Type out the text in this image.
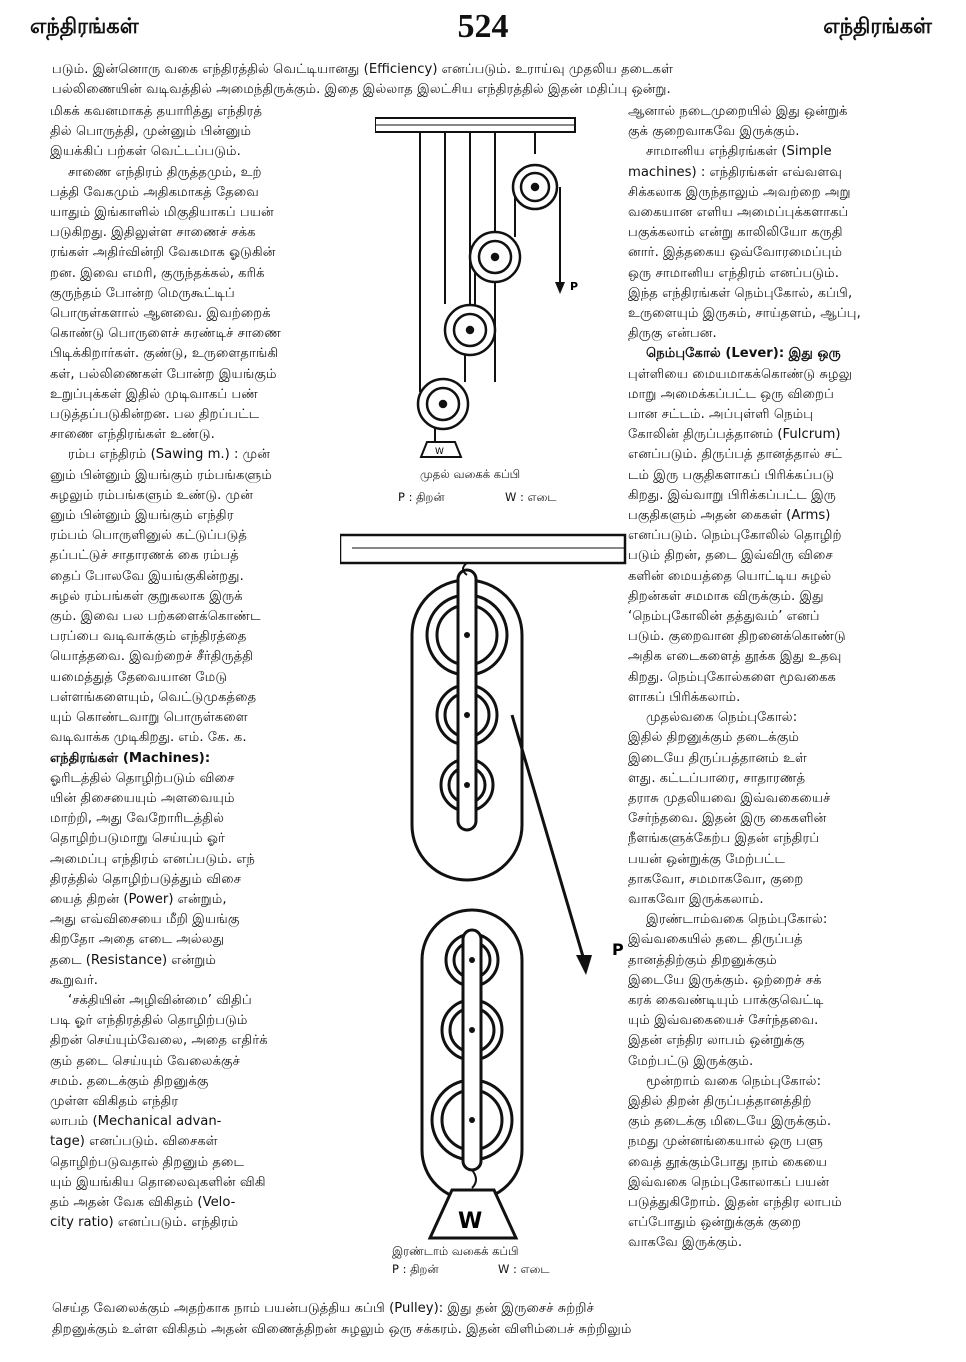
எந்திரங்கள்	524	எந்திரங்கள்
படும். இன்னொரு வகை எந்திரத்தில் வெட்டியானது (Efficiency) எனப்படும். உராய்வு முதலிய தடைகள்
பல்லிணையின் வடிவத்தில் அமைந்திருக்கும். இதை இல்லாத இலட்சிய எந்திரத்தில் இதன் மதிப்பு ஒன்று.

மிகக் கவனமாகத் தயாரித்து எந்திரத்

தில் பொருத்தி, முன்னும் பின்னும்

இயக்கிப் பற்கள் வெட்டப்படும்.

சாணை எந்திரம் திருத்தமும், உற்

பத்தி வேகமும் அதிகமாகத் தேவை

யாதும் இங்காளில் மிகுதியாகப் பயன்

படுகிறது. இதிலுள்ள சாணைச் சக்க

ரங்கள் அதிர்வின்றி வேகமாக ஓடுகின்

றன. இவை எமரி, குருந்தக்கல், கரிக்

குருந்தம் போன்ற மெருகூட்டிப்

பொருள்களால் ஆனவை. இவற்றைக்

கொண்டு பொருளைச் சுரண்டிச் சாணை

பிடிக்கிறார்கள். குண்டு, உருளைதாங்கி

கள், பல்லிணைகள் போன்ற இயங்கும்

உறுப்புக்கள் இதில் முடிவாகப் பண்

படுத்தப்படுகின்றன. பல திறப்பட்ட

சாணை எந்திரங்கள் உண்டு.

ரம்ப எந்திரம் (Sawing m.) : முன்

னும் பின்னும் இயங்கும் ரம்பங்களும்

சுழலும் ரம்பங்களும் உண்டு. முன்

னும் பின்னும் இயங்கும் எந்திர

ரம்பம் பொருளினுல் கட்டுப்படுத்

தப்பட்டுச் சாதாரணக் கை ரம்பத்

தைப் போலவே இயங்குகின்றது.

சுழல் ரம்பங்கள் குறுகலாக இருக்

கும். இவை பல பற்களைக்கொண்ட

பரப்பை வடிவாக்கும் எந்திரத்தை

யொத்தவை. இவற்றைச் சீர்திருத்தி

யமைத்துத் தேவையான மேடு

பள்ளங்களையும், வெட்டுமுகத்தை

யும் கொண்டவாறு பொருள்களை

வடிவாக்க முடிகிறது. எம். கே. க.

எந்திரங்கள் (Machines):

ஓரிடத்தில் தொழிற்படும் விசை

யின் திசையையும் அளவையும்

மாற்றி, அது வேறோரிடத்தில்

தொழிற்படுமாறு செய்யும் ஓர்

அமைப்பு எந்திரம் எனப்படும். எந்

திரத்தில் தொழிற்படுத்தும் விசை

யைத் திறன் (Power) என்றும்,

அது எவ்விசையை மீறி இயங்கு

கிறதோ அதை எடை அல்லது

தடை (Resistance) என்றும்

கூறுவர்.

‘சக்தியின் அழிவின்மை’ விதிப்

படி ஓர் எந்திரத்தில் தொழிற்படும்

திறன் செய்யும்வேலை, அதை எதிர்க்

கும் தடை செய்யும் வேலைக்குச்

சமம். தடைக்கும் திறனுக்கு

முள்ள விகிதம் எந்திர

லாபம் (Mechanical advan-

tage) எனப்படும். விசைகள்

தொழிற்படுவதால் திறனும் தடை

யும் இயங்கிய தொலைவுகளின் விகி

தம் அதன் வேக விகிதம் (Velo-

city ratio) எனப்படும். எந்திரம்

ஆனால் நடைமுறையில் இது ஒன்றுக்

குக் குறைவாகவே இருக்கும்.

சாமானிய எந்திரங்கள் (Simple

machines) : எந்திரங்கள் எவ்வளவு

சிக்கலாக இருந்தாலும் அவற்றை அறு

வகையான எளிய அமைப்புக்களாகப்

பகுக்கலாம் என்று காலிலியோ கருதி

னார். இத்தகைய ஒவ்வோரமைப்பும்

ஒரு சாமானிய எந்திரம் எனப்படும்.

இந்த எந்திரங்கள் நெம்புகோல், கப்பி,

உருளையும் இருசும், சாய்தளம், ஆப்பு,

திருகு என்பன.

நெம்புகோல் (Lever): இது ஒரு

புள்ளியை மையமாகக்கொண்டு சுழலு

மாறு அமைக்கப்பட்ட ஒரு விறைப்

பான சட்டம். அப்புள்ளி நெம்பு

கோலின் திருப்பத்தானம் (Fulcrum)

எனப்படும். திருப்பத் தானத்தால் சட்

டம் இரு பகுதிகளாகப் பிரிக்கப்படு

கிறது. இவ்வாறு பிரிக்கப்பட்ட இரு

பகுதிகளும் அதன் கைகள் (Arms)

எனப்படும். நெம்புகோலில் தொழிற்

படும் திறன், தடை இவ்விரு விசை

களின் மையத்தை யொட்டிய சுழல்

திறன்கள் சமமாக விருக்கும். இது

‘நெம்புகோலின் தத்துவம்’ எனப்

படும். குறைவான திறனைக்கொண்டு

அதிக எடைகளைத் தூக்க இது உதவு

கிறது. நெம்புகோல்களை மூவகைக

ளாகப் பிரிக்கலாம்.

முதல்வகை நெம்புகோல்:

இதில் திறனுக்கும் தடைக்கும்

இடையே திருப்பத்தானம் உள்

ளது. கட்டப்பாரை, சாதாரணத்

தராசு முதலியவை இவ்வகையைச்

சேர்ந்தவை. இதன் இரு கைகளின்

நீளங்களுக்கேற்ப இதன் எந்திரப்

பயன் ஒன்றுக்கு மேற்பட்ட

தாகவோ, சமமாகவோ, குறை

வாகவோ இருக்கலாம்.

இரண்டாம்வகை நெம்புகோல்:

இவ்வகையில் தடை திருப்பத்

தானத்திற்கும் திறனுக்கும்

இடையே இருக்கும். ஒற்றைச் சக்

கரக் கைவண்டியும் பாக்குவெட்டி

யும் இவ்வகையைச் சேர்ந்தவை.

இதன் எந்திர லாபம் ஒன்றுக்கு

மேற்பட்டு இருக்கும்.

மூன்றாம் வகை நெம்புகோல்:

இதில் திறன் திருப்பத்தானத்திற்

கும் தடைக்கு மிடையே இருக்கும்.

நமது முன்னங்கையால் ஒரு பளு

வைத் தூக்கும்போது நாம் கையை

இவ்வகை நெம்புகோலாகப் பயன்

படுத்துகிறோம். இதன் எந்திர லாபம்

எப்போதும் ஒன்றுக்குக் குறை

வாகவே இருக்கும்.

P
W
முதல் வகைக் கப்பி
P : திறன்	W : எடை
P
W
இரண்டாம் வகைக் கப்பி
P : திறன்	W : எடை
செய்த வேலைக்கும் அதற்காக நாம் பயன்படுத்திய கப்பி (Pulley): இது தன் இருசைச் சுற்றிச்
திறனுக்கும் உள்ள விகிதம் அதன் விணைத்திறன் சுழலும் ஒரு சக்கரம். இதன் விளிம்பைச் சுற்றிலும்
